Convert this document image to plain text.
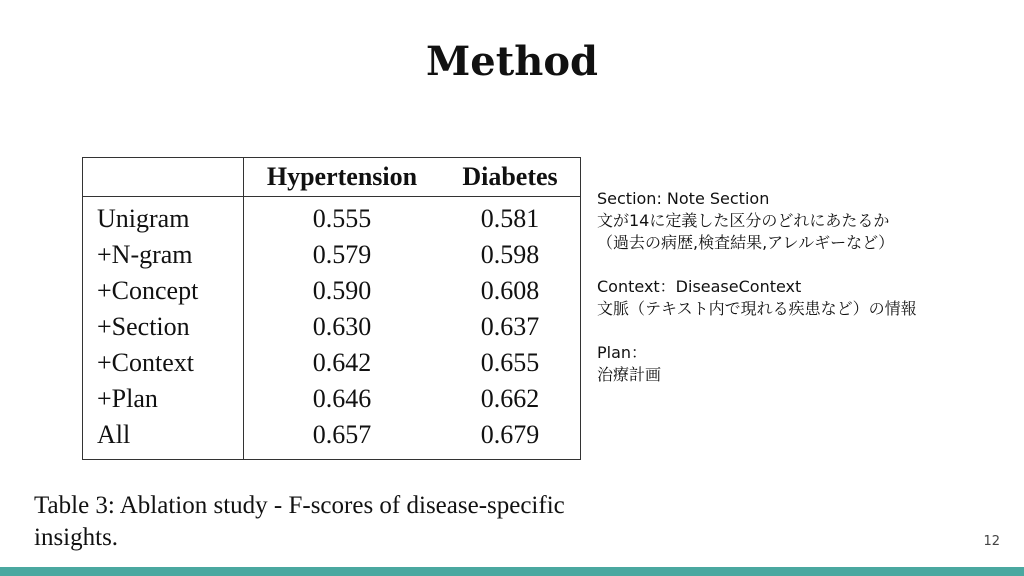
Method
	Hypertension	Diabetes
Unigram	0.555	0.581
+N-gram	0.579	0.598
+Concept	0.590	0.608
+Section	0.630	0.637
+Context	0.642	0.655
+Plan	0.646	0.662
All	0.657	0.679
Table 3: Ablation study - F-scores of disease-specific insights.
Section: Note Section
文が14に定義した区分のどれにあたるか
（過去の病歴,検査結果,アレルギーなど）
Context：DiseaseContext
文脈（テキスト内で現れる疾患など）の情報
Plan：
治療計画
12
